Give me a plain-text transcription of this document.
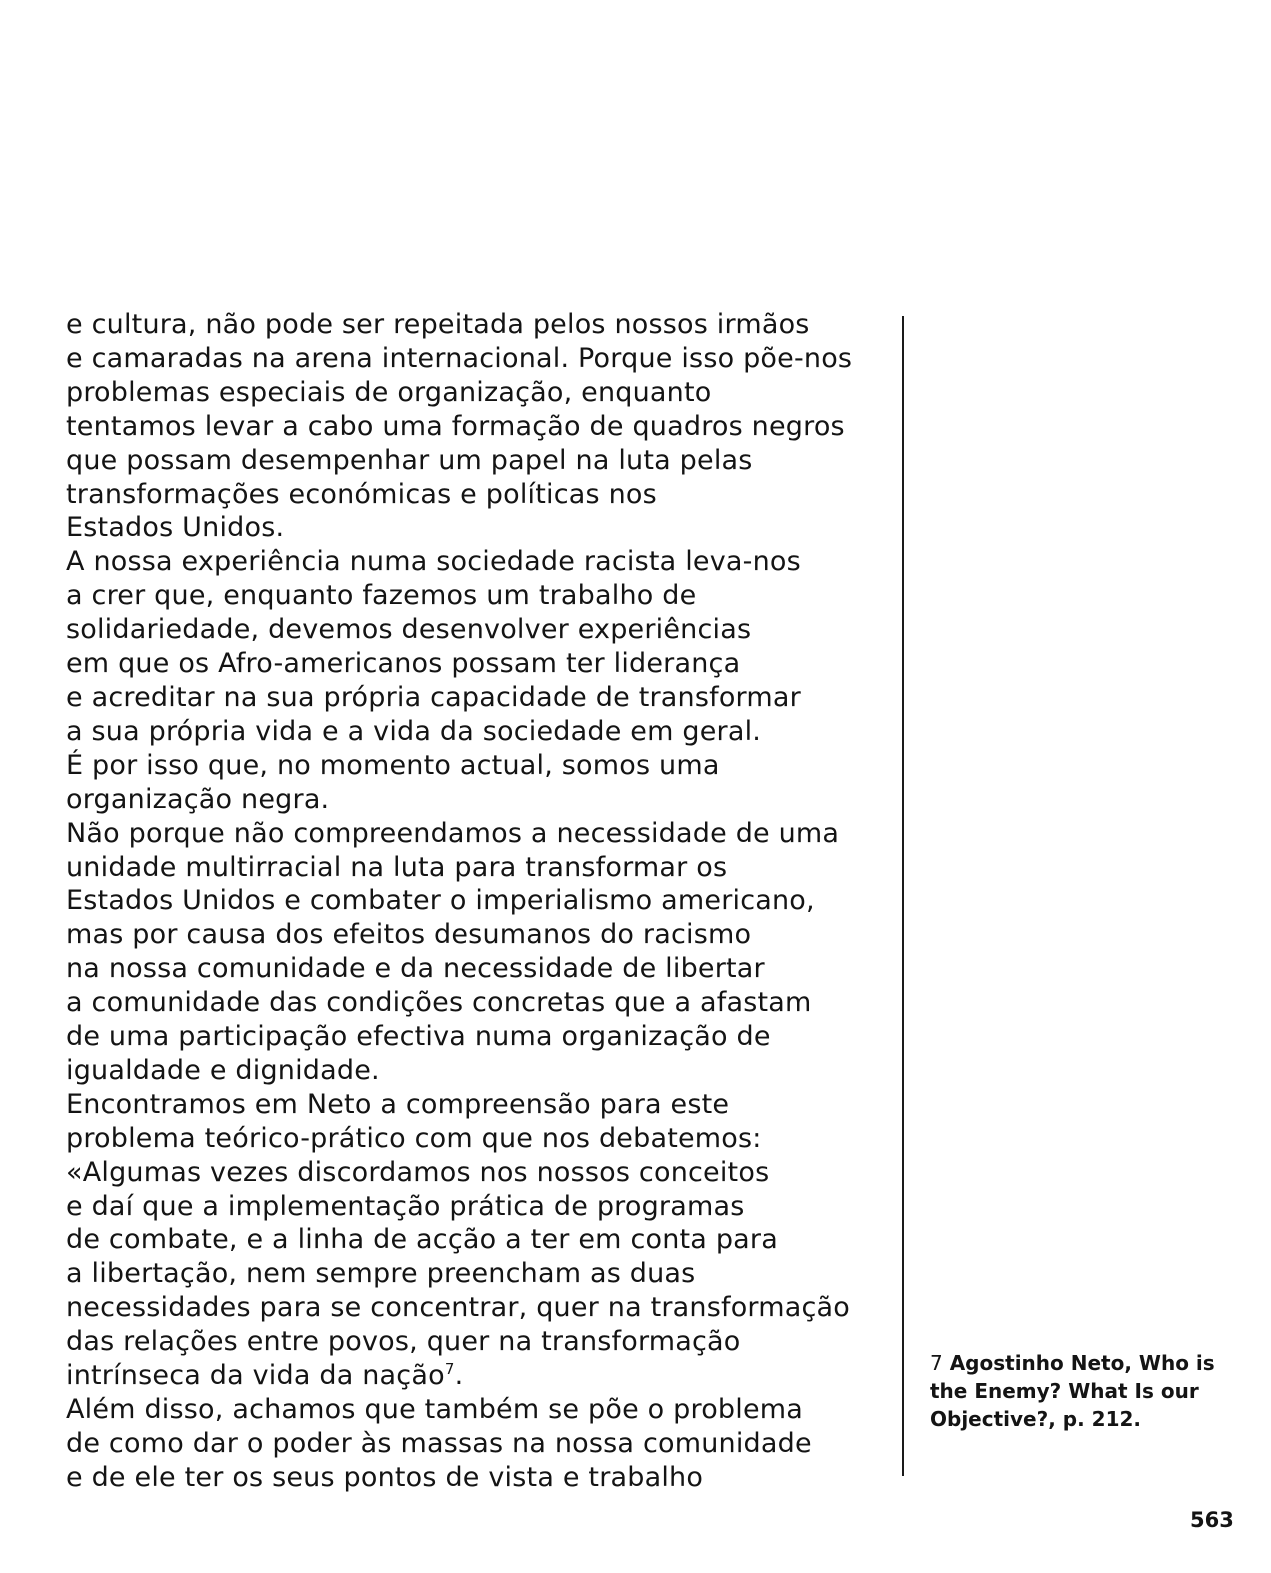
e cultura, não pode ser repeitada pelos nossos irmãos
e camaradas na arena internacional. Porque isso põe-nos
problemas especiais de organização, enquanto
tentamos levar a cabo uma formação de quadros negros
que possam desempenhar um papel na luta pelas
transformações económicas e políticas nos
Estados Unidos.
A nossa experiência numa sociedade racista leva-nos
a crer que, enquanto fazemos um trabalho de
solidariedade, devemos desenvolver experiências
em que os Afro-americanos possam ter liderança
e acreditar na sua própria capacidade de transformar
a sua própria vida e a vida da sociedade em geral.
É por isso que, no momento actual, somos uma
organização negra.
Não porque não compreendamos a necessidade de uma
unidade multirracial na luta para transformar os
Estados Unidos e combater o imperialismo americano,
mas por causa dos efeitos desumanos do racismo
na nossa comunidade e da necessidade de libertar
a comunidade das condições concretas que a afastam
de uma participação efectiva numa organização de
igualdade e dignidade.
Encontramos em Neto a compreensão para este
problema teórico-prático com que nos debatemos:
«Algumas vezes discordamos nos nossos conceitos
e daí que a implementação prática de programas
de combate, e a linha de acção a ter em conta para
a libertação, nem sempre preencham as duas
necessidades para se concentrar, quer na transformação
das relações entre povos, quer na transformação
intrínseca da vida da nação$^7$.
Além disso, achamos que também se põe o problema
de como dar o poder às massas na nossa comunidade
e de ele ter os seus pontos de vista e trabalho
7 Agostinho Neto, Who is
the Enemy? What Is our
Objective?, p. 212.
563
